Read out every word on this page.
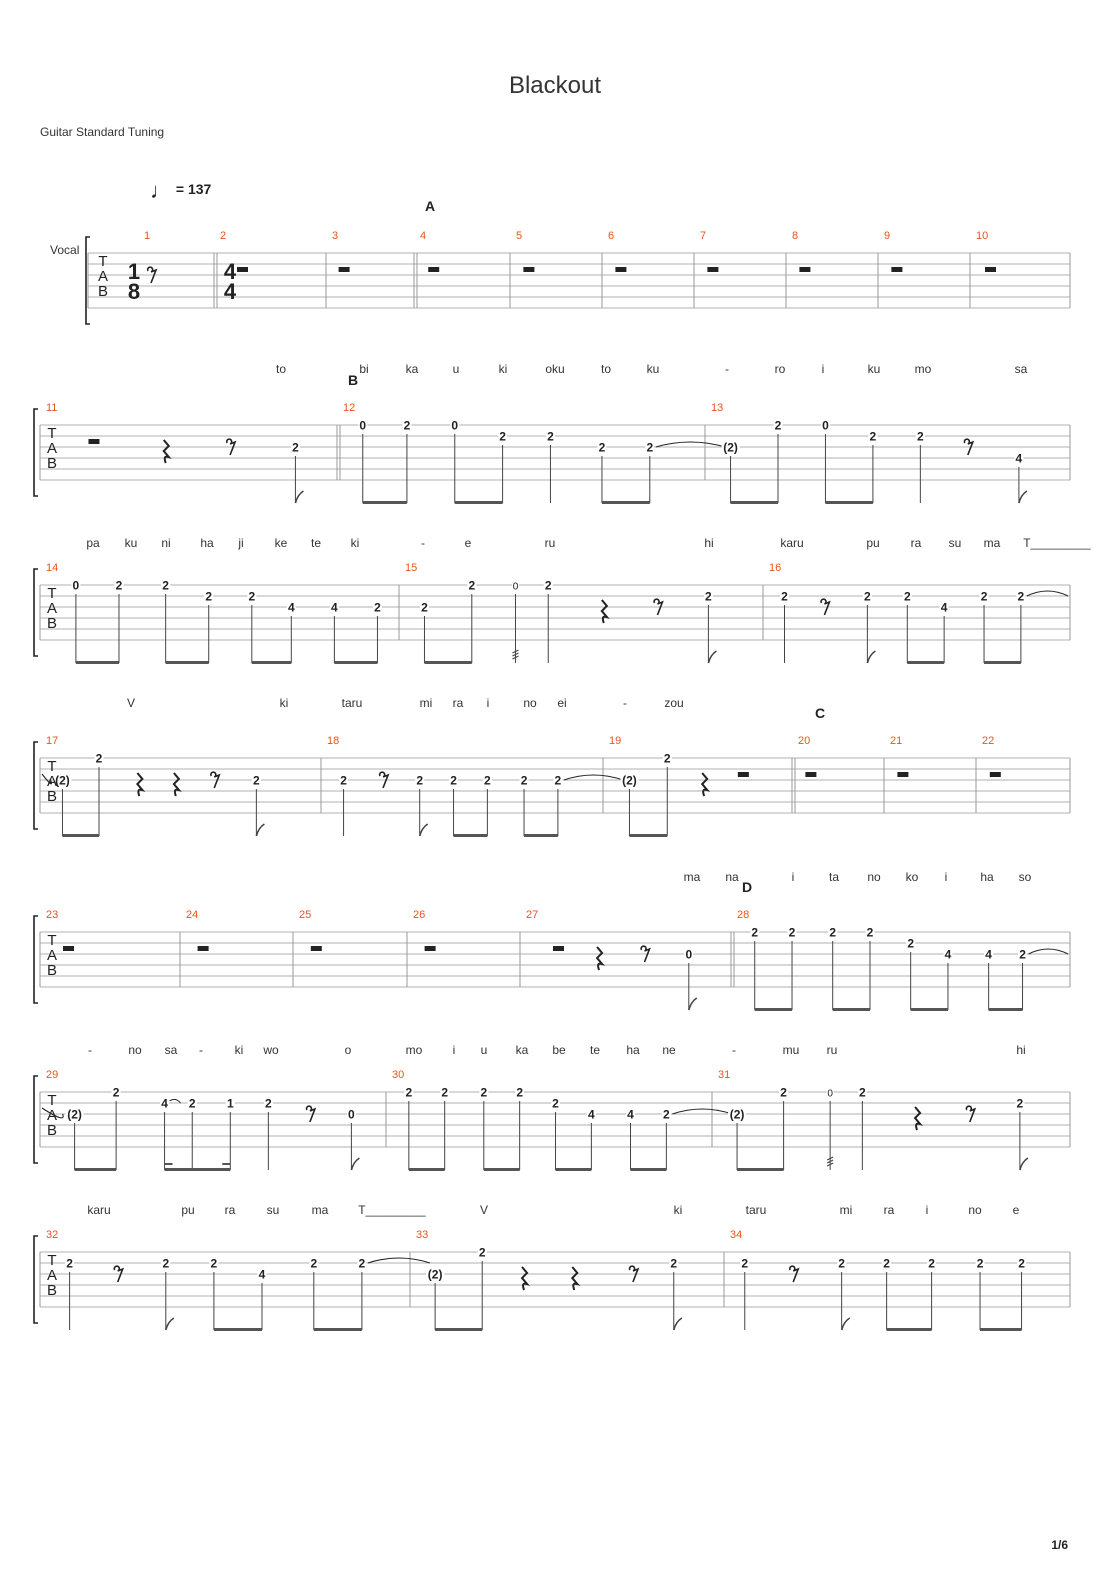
Blackout
Guitar Standard Tuning
♩ = 137
Vocal
1/6
T
A
B
1
8
4
4
1	2	3	4
A
5	6	7	8	9	10
T
A
B
to	bi	ka	u	ki	oku	to	ku	-	ro	i	ku	mo	sa
11
2
12
B
0	2	0
2	2
2	2
13
(2)
2	0
2	2
4
T
A
B
pa ku ni ha ji	ke te ki	-	e	ru	hi	karu	pu	ra su ma T_________
14
0	2	2
2	2
4	4	2
15
2
2	0 2
2
16
2	2	2
4
2	2
T
A
B
V	ki	taru	mi ra i	no ei	-	zou
17
(2)
2
2
18
2	2 2 2 2 2
19
(2)
2
20
C
21	22
T
A
B
ma na	i	ta no ko i	ha so
23	24	25	26	27
0
28
D
2	2	2	2
2
4	4 2
T
A
B
-	no sa -	ki wo	o	mo	i u ka be te ha ne	-	mu ru	hi
29
(2)
2
4 2	1	2
0
30
2 2	2 2
2
4	4 2
31
(2)
2	0 2
2
T
A
B
karu	pu ra	su	ma T_________	V	ki	taru	mi	ra	i	no	e
32
2	2	2
4
2	2
33
(2)
2
2
34
2	2	2	2	2	2
